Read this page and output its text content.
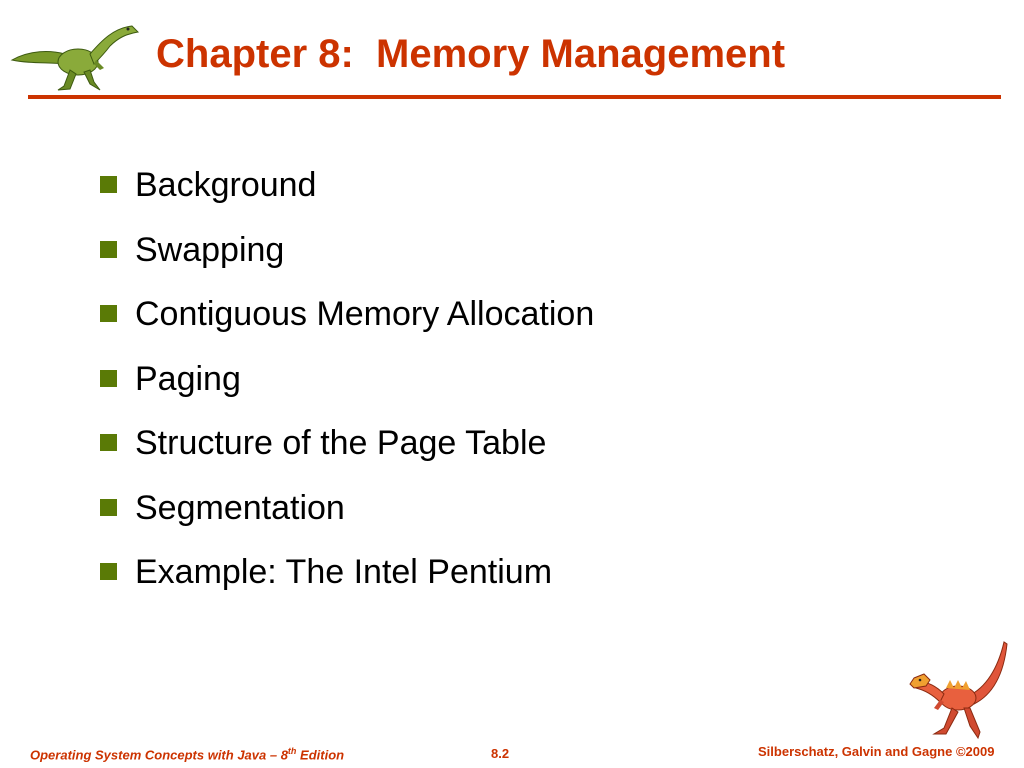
Chapter 8:  Memory Management
Background
Swapping
Contiguous Memory Allocation
Paging
Structure of the Page Table
Segmentation
Example: The Intel Pentium
Operating System Concepts with Java – 8th Edition	8.2	Silberschatz, Galvin and Gagne ©2009
